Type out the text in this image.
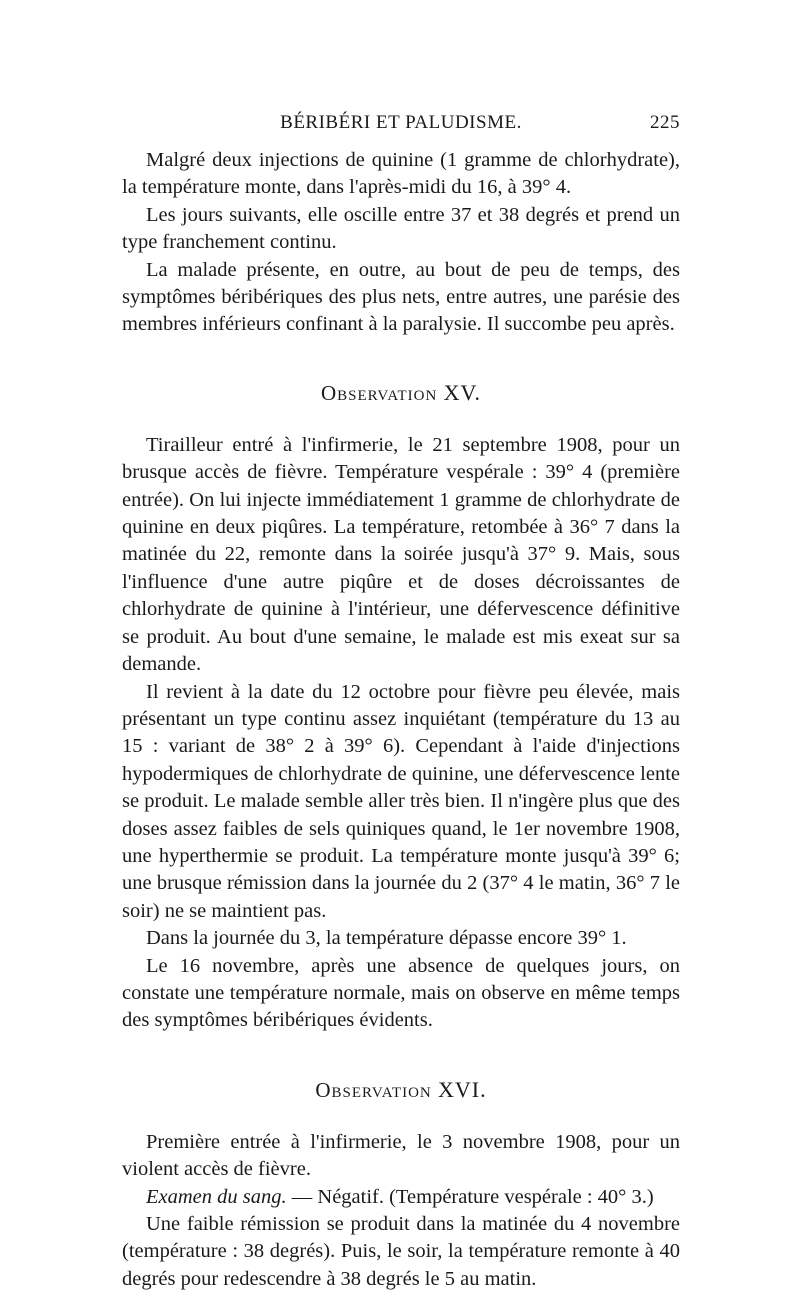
BÉRIBÉRI ET PALUDISME.	225

Malgré deux injections de quinine (1 gramme de chlorhydrate), la température monte, dans l'après-midi du 16, à 39° 4.

Les jours suivants, elle oscille entre 37 et 38 degrés et prend un type franchement continu.

La malade présente, en outre, au bout de peu de temps, des symptômes béribériques des plus nets, entre autres, une parésie des membres inférieurs confinant à la paralysie. Il succombe peu après.

Observation XV.

Tirailleur entré à l'infirmerie, le 21 septembre 1908, pour un brusque accès de fièvre. Température vespérale : 39° 4 (première entrée). On lui injecte immédiatement 1 gramme de chlorhydrate de quinine en deux piqûres. La température, retombée à 36° 7 dans la matinée du 22, remonte dans la soirée jusqu'à 37° 9. Mais, sous l'influence d'une autre piqûre et de doses décroissantes de chlorhydrate de quinine à l'intérieur, une défervescence définitive se produit. Au bout d'une semaine, le malade est mis exeat sur sa demande.

Il revient à la date du 12 octobre pour fièvre peu élevée, mais présentant un type continu assez inquiétant (température du 13 au 15 : variant de 38° 2 à 39° 6). Cependant à l'aide d'injections hypodermiques de chlorhydrate de quinine, une défervescence lente se produit. Le malade semble aller très bien. Il n'ingère plus que des doses assez faibles de sels quiniques quand, le 1er novembre 1908, une hyperthermie se produit. La température monte jusqu'à 39° 6; une brusque rémission dans la journée du 2 (37° 4 le matin, 36° 7 le soir) ne se maintient pas.

Dans la journée du 3, la température dépasse encore 39° 1.

Le 16 novembre, après une absence de quelques jours, on constate une température normale, mais on observe en même temps des symptômes béribériques évidents.

Observation XVI.

Première entrée à l'infirmerie, le 3 novembre 1908, pour un violent accès de fièvre.

Examen du sang. — Négatif. (Température vespérale : 40° 3.)

Une faible rémission se produit dans la matinée du 4 novembre (température : 38 degrés). Puis, le soir, la température remonte à 40 degrés pour redescendre à 38 degrés le 5 au matin.
